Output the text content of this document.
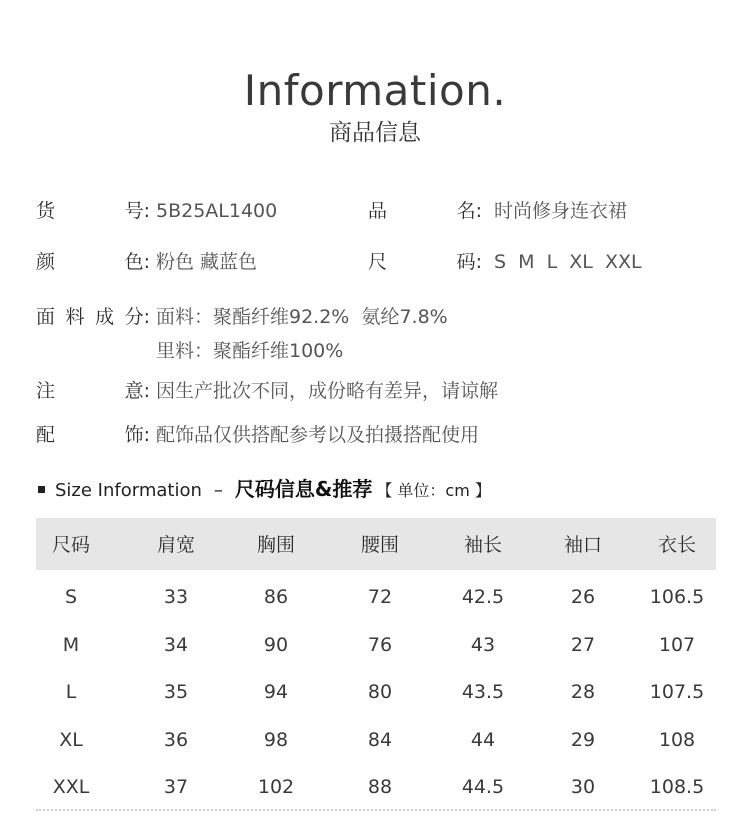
Information.
商品信息
货	号: 5B25AL1400	品	名: 时尚修身连衣裙
颜	色: 粉色 藏蓝色	尺	码: S  M  L  XL  XXL
面 料 成 分: 面料：聚酯纤维92.2%  氨纶7.8%
里料：聚酯纤维100%
注	意: 因生产批次不同，成份略有差异，请谅解
配	饰: 配饰品仅供搭配参考以及拍摄搭配使用
Size Information – 尺码信息&推荐 【 单位：cm 】
尺码	肩宽	胸围	腰围	袖长	袖口	衣长
S	33	86	72	42.5	26	106.5
M	34	90	76	43	27	107
L	35	94	80	43.5	28	107.5
XL	36	98	84	44	29	108
XXL	37	102	88	44.5	30	108.5
